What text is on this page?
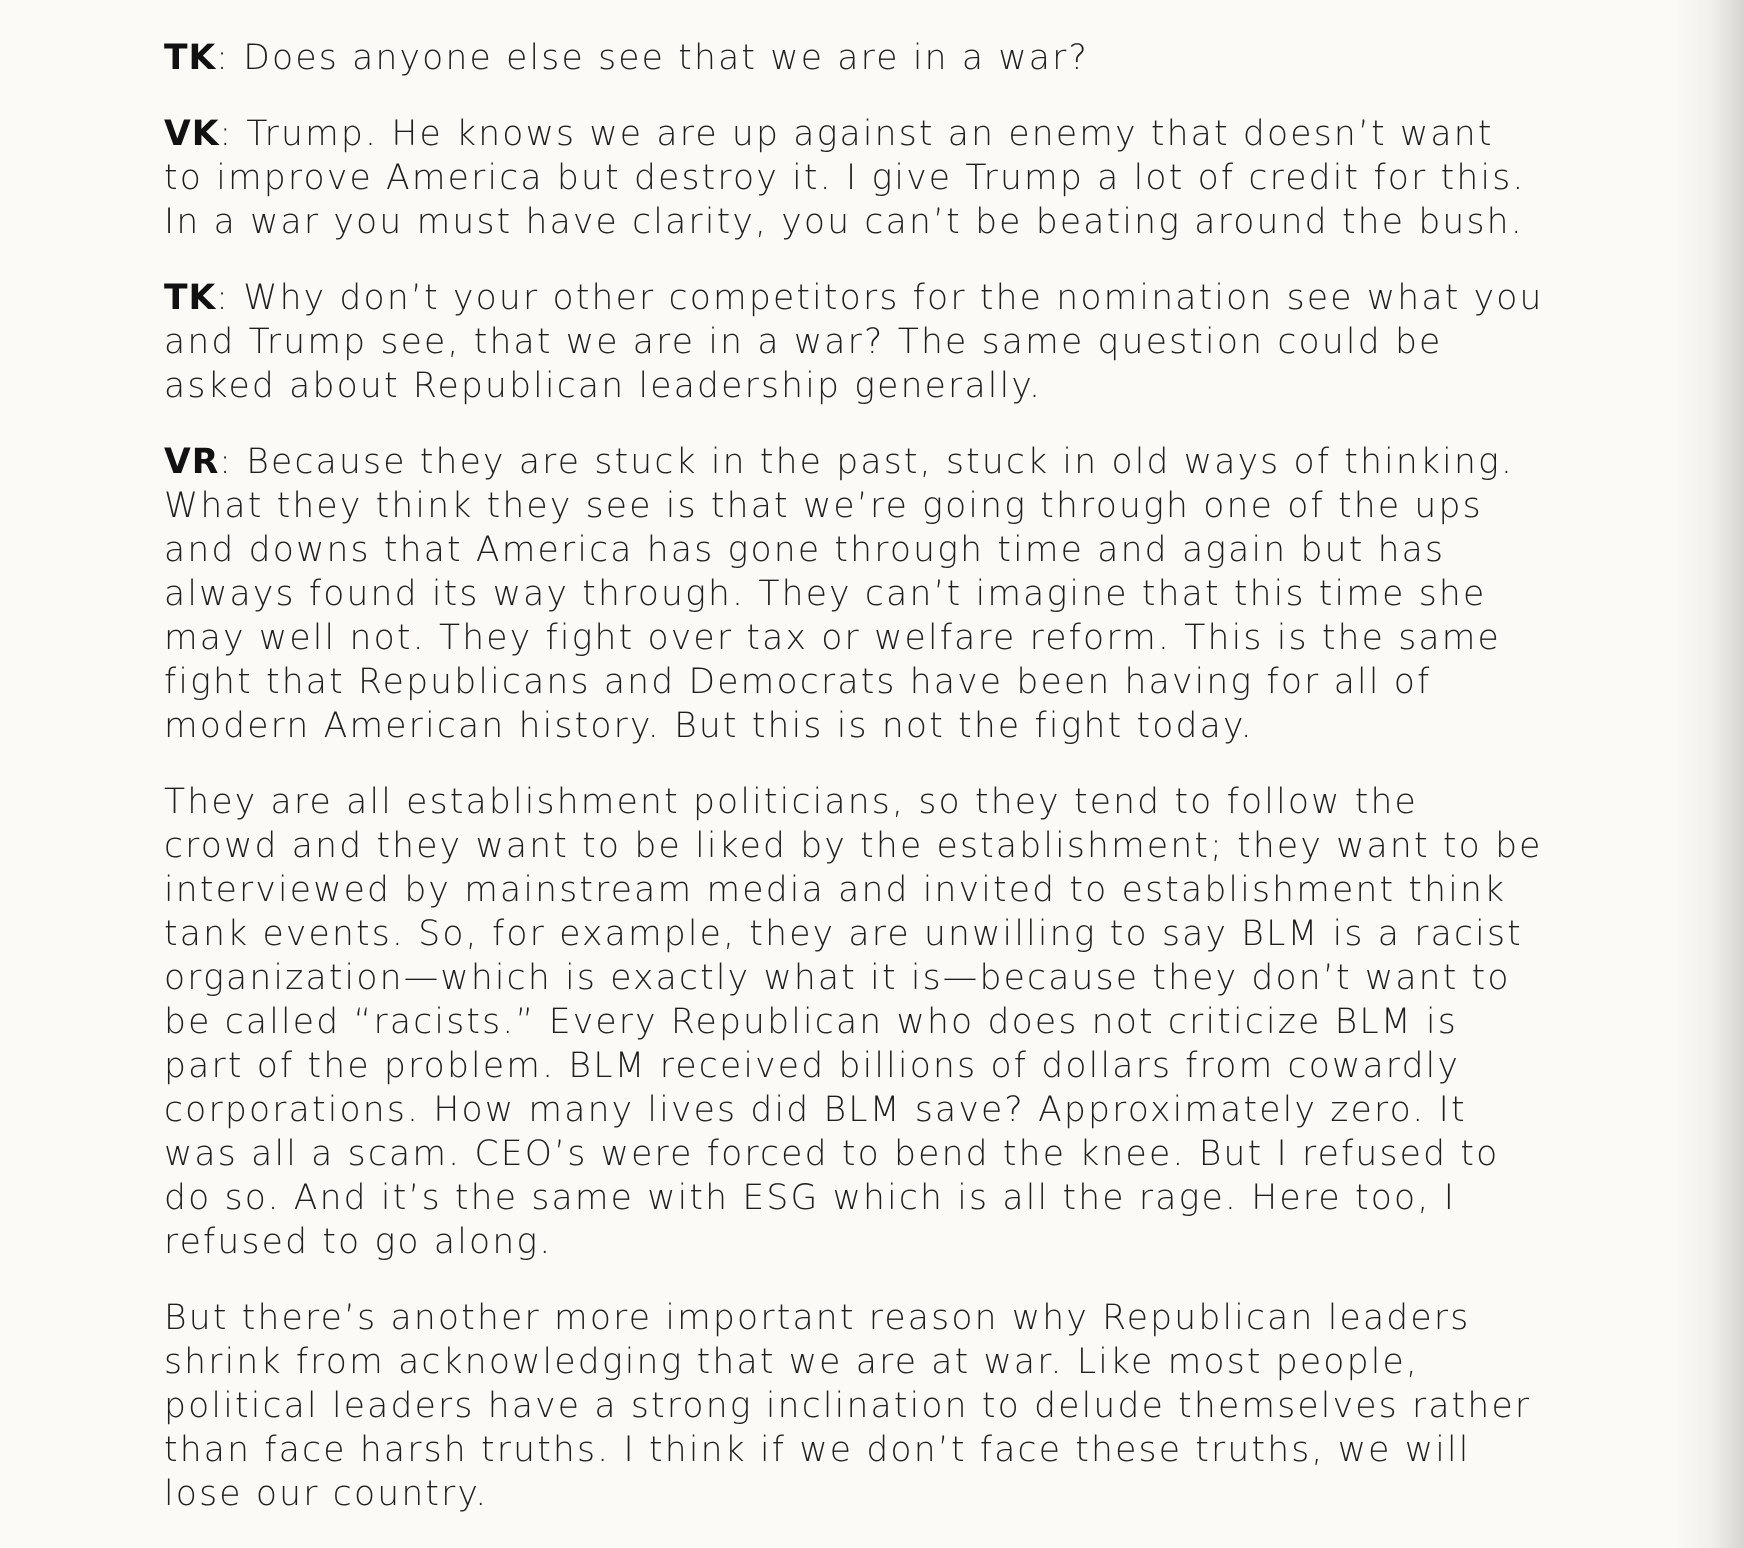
TK: Does anyone else see that we are in a war?

VK: Trump. He knows we are up against an enemy that doesn’t want to improve America but destroy it. I give Trump a lot of credit for this. In a war you must have clarity, you can’t be beating around the bush.

TK: Why don’t your other competitors for the nomination see what you and Trump see, that we are in a war? The same question could be asked about Republican leadership generally.

VR: Because they are stuck in the past, stuck in old ways of thinking. What they think they see is that we’re going through one of the ups and downs that America has gone through time and again but has always found its way through. They can’t imagine that this time she may well not. They fight over tax or welfare reform. This is the same fight that Republicans and Democrats have been having for all of modern American history. But this is not the fight today.

They are all establishment politicians, so they tend to follow the crowd and they want to be liked by the establishment; they want to be interviewed by mainstream media and invited to establishment think tank events. So, for example, they are unwilling to say BLM is a racist organization—which is exactly what it is—because they don’t want to be called “racists.” Every Republican who does not criticize BLM is part of the problem. BLM received billions of dollars from cowardly corporations. How many lives did BLM save? Approximately zero. It was all a scam. CEO’s were forced to bend the knee. But I refused to do so. And it’s the same with ESG which is all the rage. Here too, I refused to go along.

But there’s another more important reason why Republican leaders shrink from acknowledging that we are at war. Like most people, political leaders have a strong inclination to delude themselves rather than face harsh truths. I think if we don’t face these truths, we will lose our country.
